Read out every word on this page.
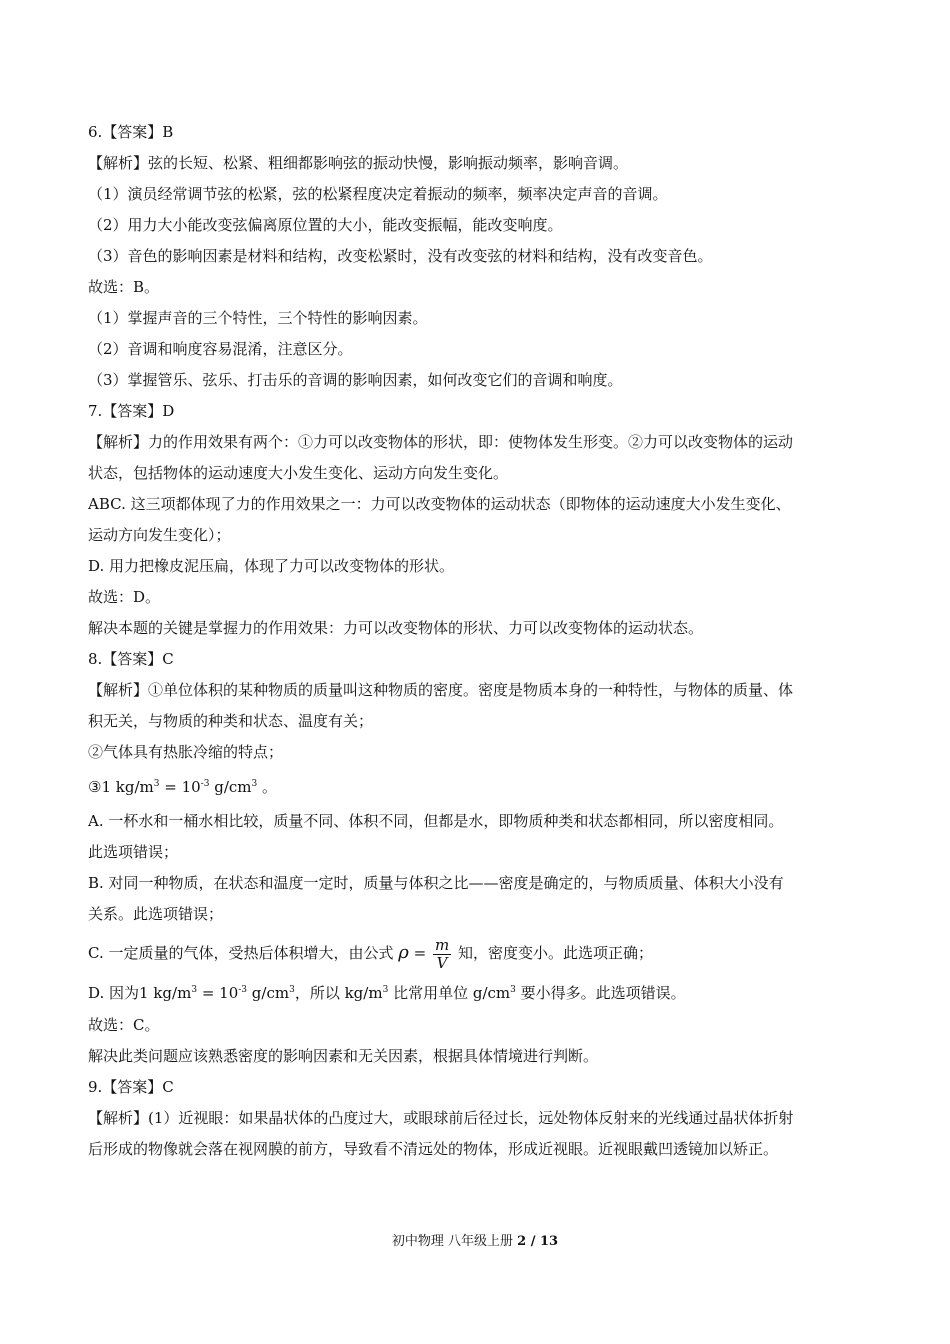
6.【答案】B
【解析】弦的长短、松紧、粗细都影响弦的振动快慢，影响振动频率，影响音调。
（1）演员经常调节弦的松紧，弦的松紧程度决定着振动的频率，频率决定声音的音调。
（2）用力大小能改变弦偏离原位置的大小，能改变振幅，能改变响度。
（3）音色的影响因素是材料和结构，改变松紧时，没有改变弦的材料和结构，没有改变音色。
故选：B。
（1）掌握声音的三个特性，三个特性的影响因素。
（2）音调和响度容易混淆，注意区分。
（3）掌握管乐、弦乐、打击乐的音调的影响因素，如何改变它们的音调和响度。
7.【答案】D
【解析】力的作用效果有两个：①力可以改变物体的形状，即：使物体发生形变。②力可以改变物体的运动
状态，包括物体的运动速度大小发生变化、运动方向发生变化。
ABC. 这三项都体现了力的作用效果之一：力可以改变物体的运动状态（即物体的运动速度大小发生变化、
运动方向发生变化）；
D. 用力把橡皮泥压扁，体现了力可以改变物体的形状。
故选：D。
解决本题的关键是掌握力的作用效果：力可以改变物体的形状、力可以改变物体的运动状态。
8.【答案】C
【解析】①单位体积的某种物质的质量叫这种物质的密度。密度是物质本身的一种特性，与物体的质量、体
积无关，与物质的种类和状态、温度有关；
②气体具有热胀冷缩的特点；
③1 $kg/m^3 = 10^{-3}$ $g/cm^3$ 。
A. 一杯水和一桶水相比较，质量不同、体积不同，但都是水，即物质种类和状态都相同，所以密度相同。
此选项错误；
B. 对同一种物质，在状态和温度一定时，质量与体积之比——密度是确定的，与物质质量、体积大小没有
关系。此选项错误；
C. 一定质量的气体，受热后体积增大，由公式 $\rho = \frac{m}{V}$ 知，密度变小。此选项正确；
D. 因为1 $kg/m^3 = 10^{-3}$ $g/cm^3$，所以 $kg/m^3$ 比常用单位 $g/cm^3$ 要小得多。此选项错误。
故选：C。
解决此类问题应该熟悉密度的影响因素和无关因素，根据具体情境进行判断。
9.【答案】C
【解析】(1）近视眼：如果晶状体的凸度过大，或眼球前后径过长，远处物体反射来的光线通过晶状体折射
后形成的物像就会落在视网膜的前方，导致看不清远处的物体，形成近视眼。近视眼戴凹透镜加以矫正。
初中物理 八年级上册 2 / 13
